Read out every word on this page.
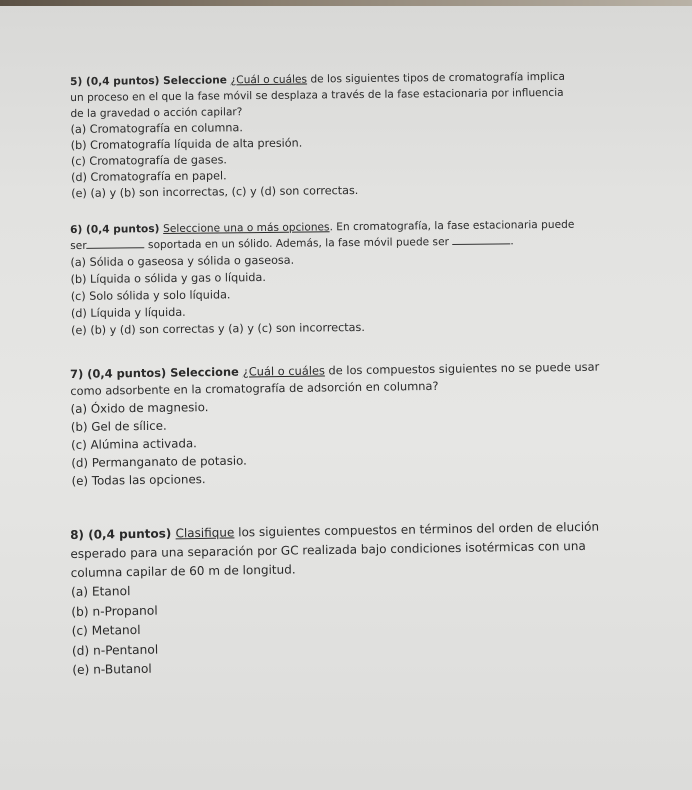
5) (0,4 puntos) Seleccione ¿Cuál o cuáles de los siguientes tipos de cromatografía implica
un proceso en el que la fase móvil se desplaza a través de la fase estacionaria por influencia
de la gravedad o acción capilar?
(a) Cromatografía en columna.
(b) Cromatografía líquida de alta presión.
(c) Cromatografía de gases.
(d) Cromatografía en papel.
(e) (a) y (b) son incorrectas, (c) y (d) son correctas.
6) (0,4 puntos) Seleccione una o más opciones. En cromatografía, la fase estacionaria puede
ser	soportada en un sólido. Además, la fase móvil puede ser	.
(a) Sólida o gaseosa y sólida o gaseosa.
(b) Líquida o sólida y gas o líquida.
(c) Solo sólida y solo líquida.
(d) Líquida y líquida.
(e) (b) y (d) son correctas y (a) y (c) son incorrectas.
7) (0,4 puntos) Seleccione ¿Cuál o cuáles de los compuestos siguientes no se puede usar
como adsorbente en la cromatografía de adsorción en columna?
(a) Óxido de magnesio.
(b) Gel de sílice.
(c) Alúmina activada.
(d) Permanganato de potasio.
(e) Todas las opciones.
8) (0,4 puntos) Clasifique los siguientes compuestos en términos del orden de elución
esperado para una separación por GC realizada bajo condiciones isotérmicas con una
columna capilar de 60 m de longitud.
(a) Etanol
(b) n-Propanol
(c) Metanol
(d) n-Pentanol
(e) n-Butanol
